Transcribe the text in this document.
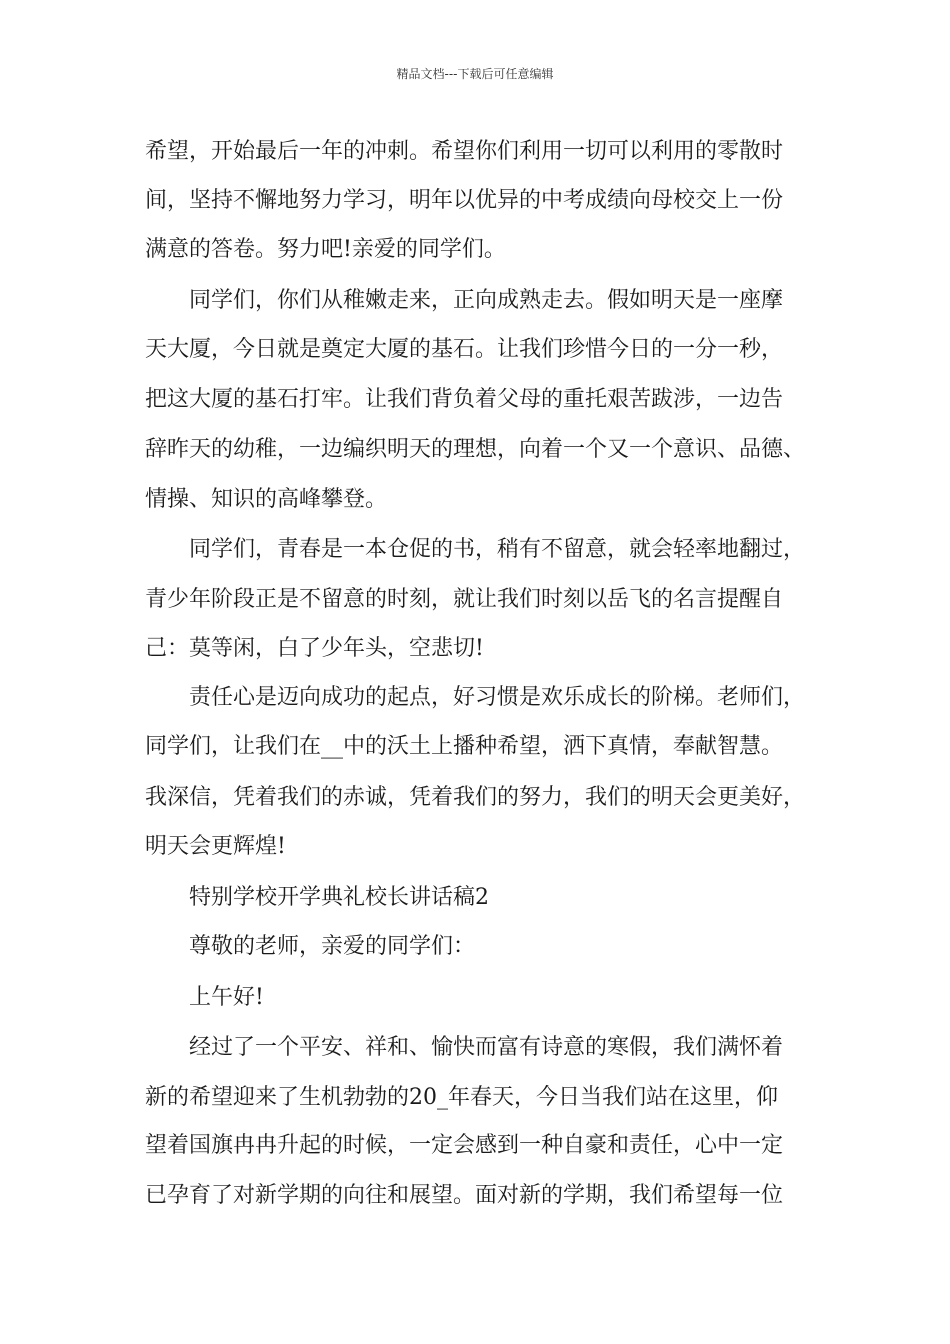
精品文档---下载后可任意编辑
希望，开始最后一年的冲刺。希望你们利用一切可以利用的零散时
间，坚持不懈地努力学习，明年以优异的中考成绩向母校交上一份
满意的答卷。努力吧!亲爱的同学们。
同学们，你们从稚嫩走来，正向成熟走去。假如明天是一座摩
天大厦，今日就是奠定大厦的基石。让我们珍惜今日的一分一秒，
把这大厦的基石打牢。让我们背负着父母的重托艰苦跋涉，一边告
辞昨天的幼稚，一边编织明天的理想，向着一个又一个意识、品德、
情操、知识的高峰攀登。
同学们，青春是一本仓促的书，稍有不留意，就会轻率地翻过，
青少年阶段正是不留意的时刻，就让我们时刻以岳飞的名言提醒自
己：莫等闲，白了少年头，空悲切!
责任心是迈向成功的起点，好习惯是欢乐成长的阶梯。老师们，
同学们，让我们在__中的沃土上播种希望，洒下真情，奉献智慧。
我深信，凭着我们的赤诚，凭着我们的努力，我们的明天会更美好，
明天会更辉煌!
特别学校开学典礼校长讲话稿2
尊敬的老师，亲爱的同学们：
上午好!
经过了一个平安、祥和、愉快而富有诗意的寒假，我们满怀着
新的希望迎来了生机勃勃的20_年春天，今日当我们站在这里，仰
望着国旗冉冉升起的时候，一定会感到一种自豪和责任，心中一定
已孕育了对新学期的向往和展望。面对新的学期，我们希望每一位
